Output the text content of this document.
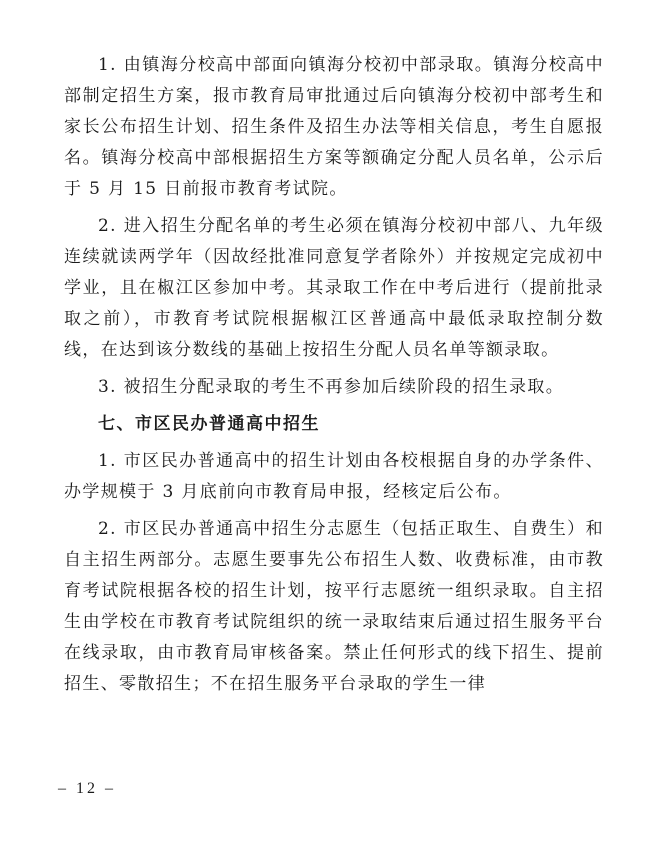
1. 由镇海分校高中部面向镇海分校初中部录取。镇海分校高中部制定招生方案，报市教育局审批通过后向镇海分校初中部考生和家长公布招生计划、招生条件及招生办法等相关信息，考生自愿报名。镇海分校高中部根据招生方案等额确定分配人员名单，公示后于 5 月 15 日前报市教育考试院。

2. 进入招生分配名单的考生必须在镇海分校初中部八、九年级连续就读两学年（因故经批准同意复学者除外）并按规定完成初中学业，且在椒江区参加中考。其录取工作在中考后进行（提前批录取之前），市教育考试院根据椒江区普通高中最低录取控制分数线，在达到该分数线的基础上按招生分配人员名单等额录取。

3. 被招生分配录取的考生不再参加后续阶段的招生录取。

七、市区民办普通高中招生

1. 市区民办普通高中的招生计划由各校根据自身的办学条件、办学规模于 3 月底前向市教育局申报，经核定后公布。

2. 市区民办普通高中招生分志愿生（包括正取生、自费生）和自主招生两部分。志愿生要事先公布招生人数、收费标准，由市教育考试院根据各校的招生计划，按平行志愿统一组织录取。自主招生由学校在市教育考试院组织的统一录取结束后通过招生服务平台在线录取，由市教育局审核备案。禁止任何形式的线下招生、提前招生、零散招生；不在招生服务平台录取的学生一律

– 12 –
